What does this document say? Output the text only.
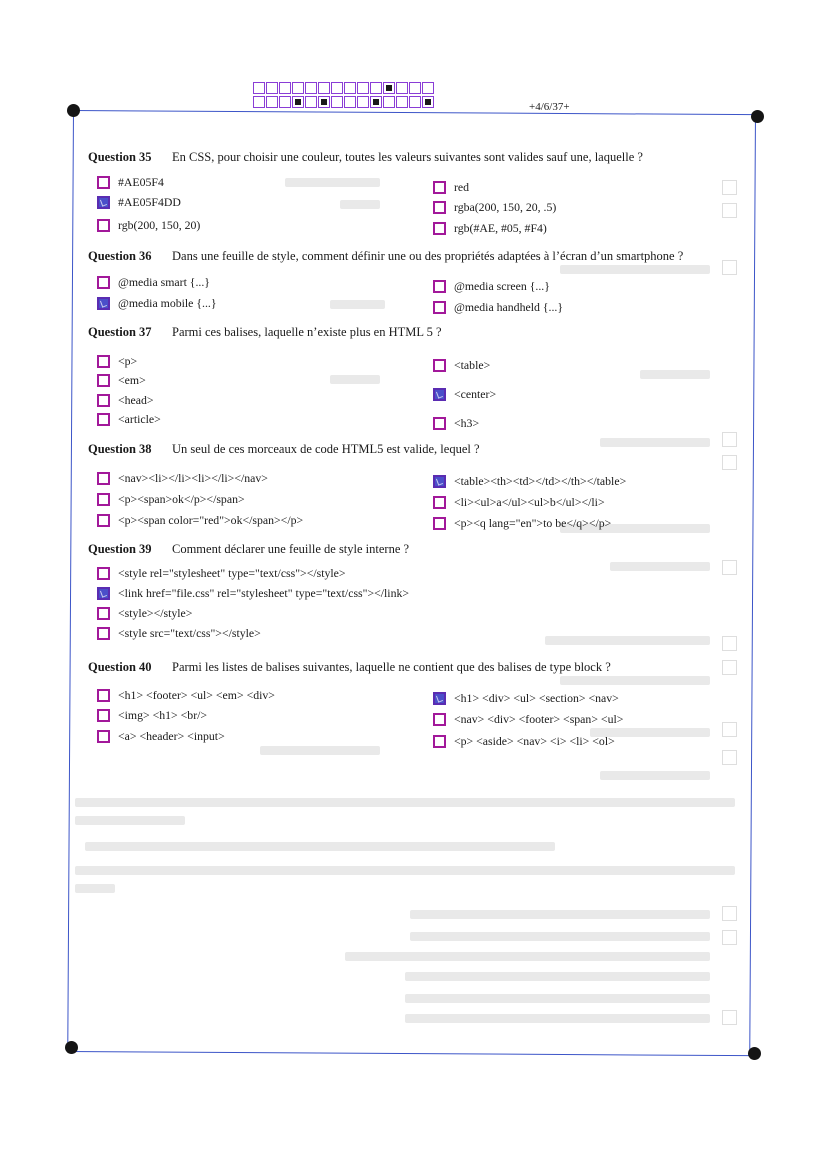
+4/6/37+
Question 35 En CSS, pour choisir une couleur, toutes les valeurs suivantes sont valides sauf une, laquelle ?
#AE05F4
#AE05F4DD
rgb(200, 150, 20)
red
rgba(200, 150, 20, .5)
rgb(#AE, #05, #F4)
Question 36 Dans une feuille de style, comment définir une ou des propriétés adaptées à l’écran d’un smartphone ?
@media smart {...}
@media mobile {...}
@media screen {...}
@media handheld {...}
Question 37 Parmi ces balises, laquelle n’existe plus en HTML 5 ?
<p>
<em>
<head>
<article>
<table>
<center>
<h3>
Question 38 Un seul de ces morceaux de code HTML5 est valide, lequel ?
<nav><li></li><li></li></nav>
<p><span>ok</p></span>
<p><span color="red">ok</span></p>
<table><th><td></td></th></table>
<li><ul>a</ul><ul>b</ul></li>
<p><q lang="en">to be</q></p>
Question 39 Comment déclarer une feuille de style interne ?
<style rel="stylesheet" type="text/css"></style>
<link href="file.css" rel="stylesheet" type="text/css"></link>
<style></style>
<style src="text/css"></style>
Question 40 Parmi les listes de balises suivantes, laquelle ne contient que des balises de type block ?
<h1> <footer> <ul> <em> <div>
<img> <h1> <br/>
<a> <header> <input>
<h1> <div> <ul> <section> <nav>
<nav> <div> <footer> <span> <ul>
<p> <aside> <nav> <i> <li> <ol>
